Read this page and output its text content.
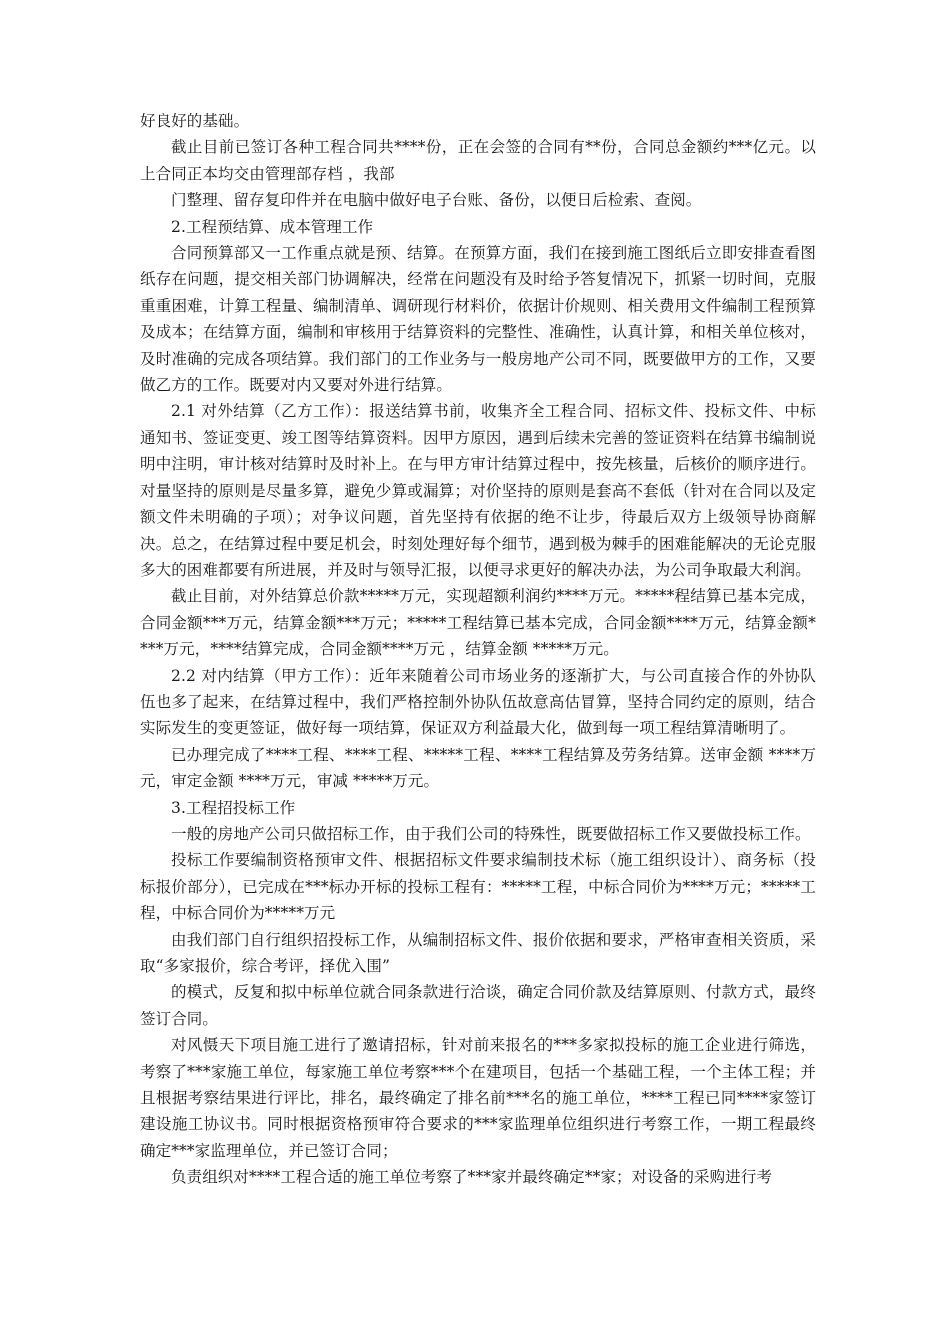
好良好的基础。

截止目前已签订各种工程合同共****份，正在会签的合同有**份，合同总金额约***亿元。以上合同正本均交由管理部存档 ，我部

门整理、留存复印件并在电脑中做好电子台账、备份，以便日后检索、查阅。

2.工程预结算、成本管理工作

合同预算部又一工作重点就是预、结算。在预算方面，我们在接到施工图纸后立即安排查看图纸存在问题，提交相关部门协调解决，经常在问题没有及时给予答复情况下，抓紧一切时间，克服重重困难，计算工程量、编制清单、调研现行材料价，依据计价规则、相关费用文件编制工程预算及成本；在结算方面，编制和审核用于结算资料的完整性、准确性，认真计算，和相关单位核对，及时准确的完成各项结算。我们部门的工作业务与一般房地产公司不同，既要做甲方的工作，又要做乙方的工作。既要对内又要对外进行结算。

2.1 对外结算（乙方工作）：报送结算书前，收集齐全工程合同、招标文件、投标文件、中标通知书、签证变更、竣工图等结算资料。因甲方原因，遇到后续未完善的签证资料在结算书编制说明中注明，审计核对结算时及时补上。在与甲方审计结算过程中，按先核量，后核价的顺序进行。对量坚持的原则是尽量多算，避免少算或漏算；对价坚持的原则是套高不套低（针对在合同以及定额文件未明确的子项）；对争议问题，首先坚持有依据的绝不让步，待最后双方上级领导协商解决。总之，在结算过程中要足机会，时刻处理好每个细节，遇到极为棘手的困难能解决的无论克服多大的困难都要有所进展，并及时与领导汇报，以便寻求更好的解决办法，为公司争取最大利润。

截止目前，对外结算总价款*****万元，实现超额利润约****万元。*****程结算已基本完成，合同金额***万元，结算金额***万元；*****工程结算已基本完成，合同金额****万元，结算金额****万元，****结算完成，合同金额****万元 ，结算金额 *****万元。

2.2 对内结算（甲方工作）：近年来随着公司市场业务的逐渐扩大，与公司直接合作的外协队伍也多了起来，在结算过程中，我们严格控制外协队伍故意高估冒算，坚持合同约定的原则，结合实际发生的变更签证，做好每一项结算，保证双方利益最大化，做到每一项工程结算清晰明了。

已办理完成了****工程、****工程、*****工程、****工程结算及劳务结算。送审金额 ****万元，审定金额 ****万元，审减 *****万元。

3.工程招投标工作

一般的房地产公司只做招标工作，由于我们公司的特殊性，既要做招标工作又要做投标工作。

投标工作要编制资格预审文件、根据招标文件要求编制技术标（施工组织设计）、商务标（投标报价部分），已完成在***标办开标的投标工程有：*****工程，中标合同价为****万元；*****工程，中标合同价为*****万元

由我们部门自行组织招投标工作，从编制招标文件、报价依据和要求，严格审查相关资质，采取“多家报价，综合考评，择优入围”

的模式，反复和拟中标单位就合同条款进行洽谈，确定合同价款及结算原则、付款方式，最终签订合同。

对风慑天下项目施工进行了邀请招标，针对前来报名的***多家拟投标的施工企业进行筛选，考察了***家施工单位，每家施工单位考察***个在建项目，包括一个基础工程，一个主体工程；并且根据考察结果进行评比，排名，最终确定了排名前***名的施工单位，****工程已同****家签订建设施工协议书。同时根据资格预审符合要求的***家监理单位组织进行考察工作，一期工程最终确定***家监理单位，并已签订合同；

负责组织对****工程合适的施工单位考察了***家并最终确定**家；对设备的采购进行考
